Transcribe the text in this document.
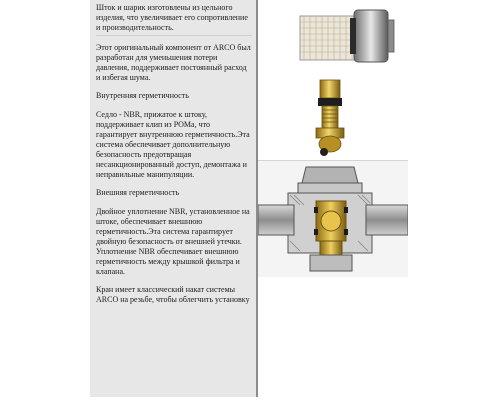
Шток и шарик изготовлены из цельного изделия, что увеличивает его сопротивление и производительность.

Этот оригинальный компонент от ARCO был разработан для уменьшения потери давления, поддерживает постоянный расход и избегая шума.

Внутренняя герметичность

Седло - NBR, прижатое к штоку, поддерживает клип из POMa, что гарантирует внутреннюю герметичность.Эта система обеспечивает дополнительную безопасность предотвращая несанкционированный доступ, демонтажа и неправильные манипуляции.

Внешняя герметичность

Двойное уплотнение NBR, установленное на штоке, обеспечивает внешнюю герметичность.Эта система гарантирует двойную безопасность от внешней утечки. Уплотнение NBR обеспечивает внешнюю герметичность между крышкой фильтра и клапана.

Кран имеет классический накат системы ARCO на резьбе, чтобы облегчить установку
